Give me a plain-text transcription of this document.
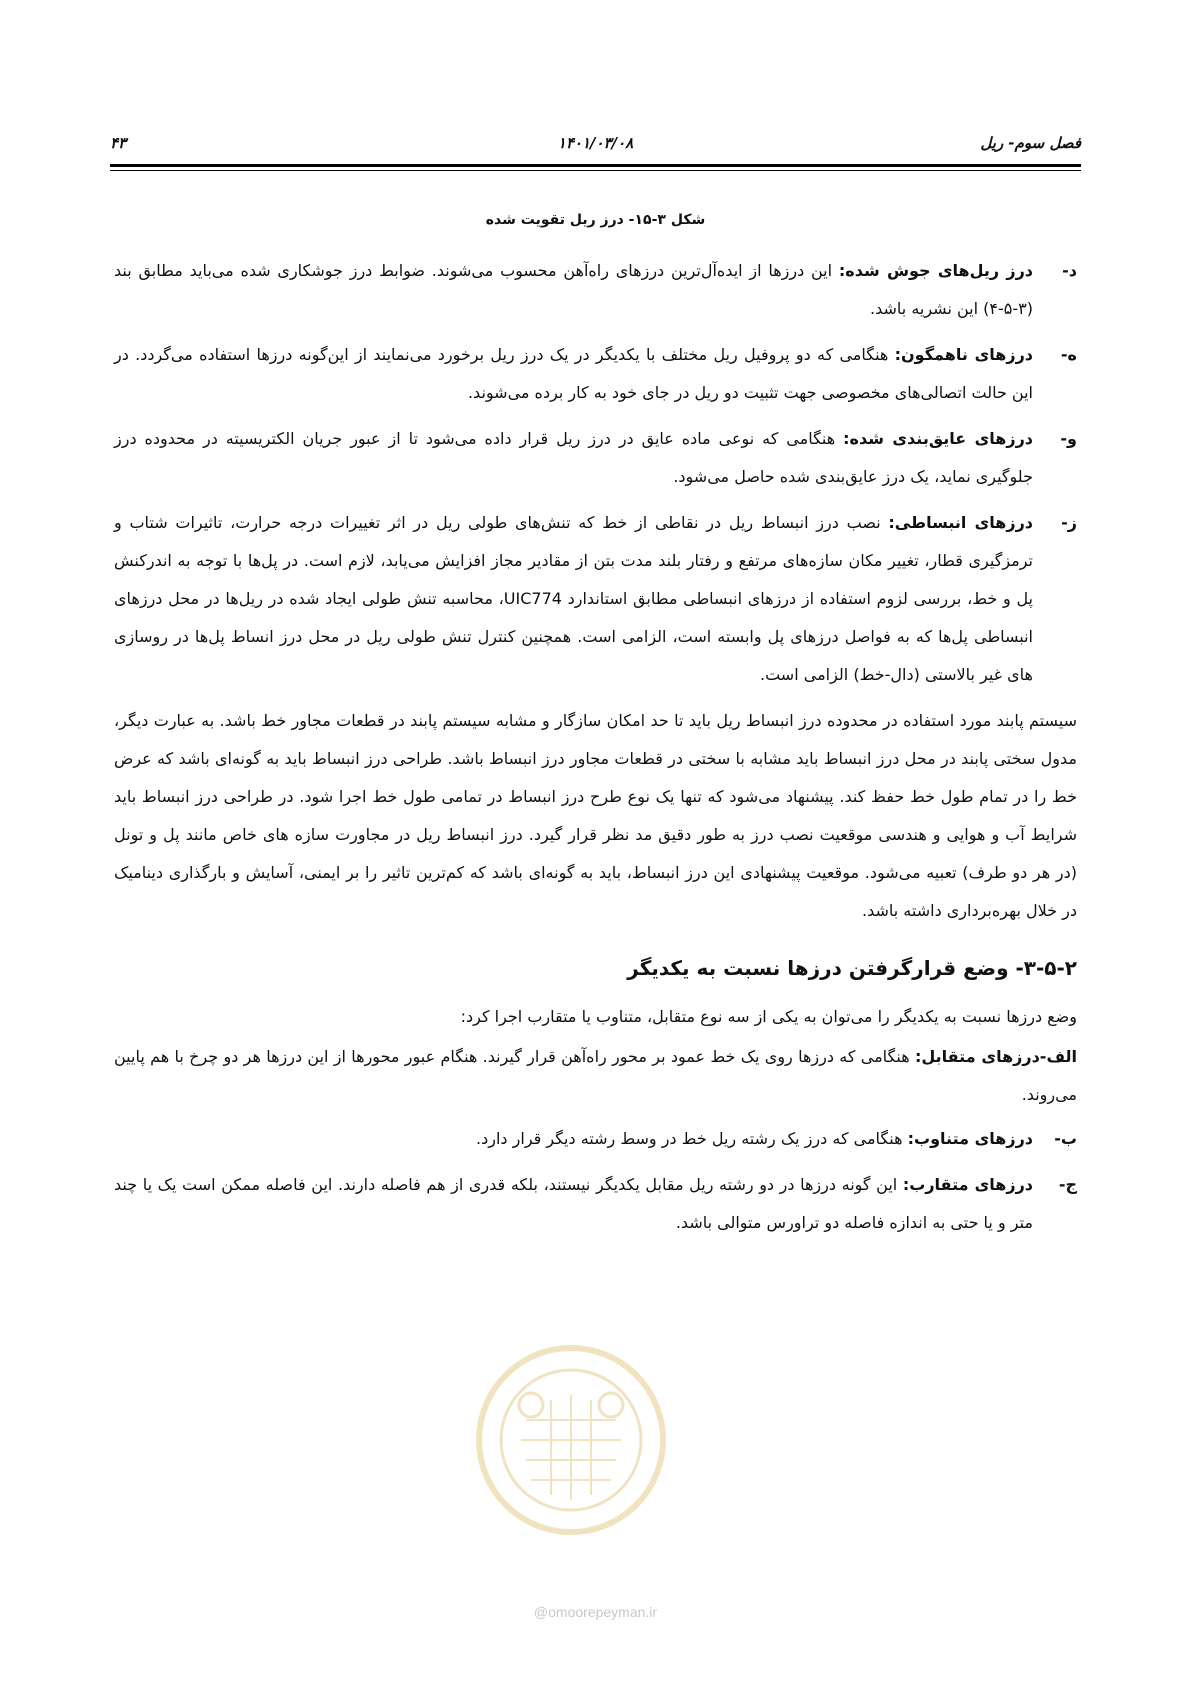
فصل سوم- ریل
۱۴۰۱/۰۳/۰۸
۴۳
شکل ۳-۱۵- درز ریل تقویت شده
د-
درز ریل‌های جوش شده: این درزها از ایده‌آل‌ترین درزهای راه‌آهن محسوب می‌شوند. ضوابط درز جوشکاری شده می‌باید مطابق بند (۳-۵-۴) این نشریه باشد.
ه-
درزهای ناهمگون: هنگامی که دو پروفیل ریل مختلف با یکدیگر در یک درز ریل برخورد می‌نمایند از این‌گونه درزها استفاده می‌گردد. در این حالت اتصالی‌های مخصوصی جهت تثبیت دو ریل در جای خود به کار برده می‌شوند.
و-
درزهای عایق‌بندی شده: هنگامی که نوعی ماده عایق در درز ریل قرار داده می‌شود تا از عبور جریان الکتریسیته در محدوده درز جلوگیری نماید، یک درز عایق‌بندی شده حاصل می‌شود.
ز-
درزهای انبساطی: نصب درز انبساط ریل در نقاطی از خط که تنش‌های طولی ریل در اثر تغییرات درجه حرارت، تاثیرات شتاب و ترمزگیری قطار، تغییر مکان سازه‌های مرتفع و رفتار بلند مدت بتن از مقادیر مجاز افزایش می‌یابد، لازم است. در پل‌ها با توجه به اندرکنش پل و خط، بررسی لزوم استفاده از درزهای انبساطی مطابق استاندارد UIC774، محاسبه تنش طولی ایجاد شده در ریل‌ها در محل درزهای انبساطی پل‌ها که به فواصل درزهای پل وابسته است، الزامی است. همچنین کنترل تنش طولی ریل در محل درز انساط پل‌ها در روسازی های غیر بالاستی (دال-خط) الزامی است.
سیستم پابند مورد استفاده در محدوده درز انبساط ریل باید تا حد امکان سازگار و مشابه سیستم پابند در قطعات مجاور خط باشد. به عبارت دیگر، مدول سختی پابند در محل درز انبساط باید مشابه با سختی در قطعات مجاور درز انبساط باشد. طراحی درز انبساط باید به گونه‌ای باشد که عرض خط را در تمام طول خط حفظ کند. پیشنهاد می‌شود که تنها یک نوع طرح درز انبساط در تمامی طول خط اجرا شود. در طراحی درز انبساط باید شرایط آب و هوایی و هندسی موقعیت نصب درز به طور دقیق مد نظر قرار گیرد. درز انبساط ریل در مجاورت سازه های خاص مانند پل و تونل (در هر دو طرف) تعبیه می‌شود. موقعیت پیشنهادی این درز انبساط، باید به گونه‌ای باشد که کم‌ترین تاثیر را بر ایمنی، آسایش و بارگذاری دینامیک در خلال بهره‌برداری داشته باشد.
۳-۵-۲- وضع قرارگرفتن درزها نسبت به یکدیگر
وضع درزها نسبت به یکدیگر را می‌توان به یکی از سه نوع متقابل، متناوب یا متقارب اجرا کرد:
الف-درزهای متقابل: هنگامی که درزها روی یک خط عمود بر محور راه‌آهن قرار گیرند. هنگام عبور محورها از این درزها هر دو چرخ با هم پایین می‌روند.
ب-
درزهای متناوب: هنگامی که درز یک رشته ریل خط در وسط رشته دیگر قرار دارد.
ج-
درزهای متقارب: این گونه درزها در دو رشته ریل مقابل یکدیگر نیستند، بلکه قدری از هم فاصله دارند. این فاصله ممکن است یک یا چند متر و یا حتی به اندازه فاصله دو تراورس متوالی باشد.
@omoorepeyman.ir
